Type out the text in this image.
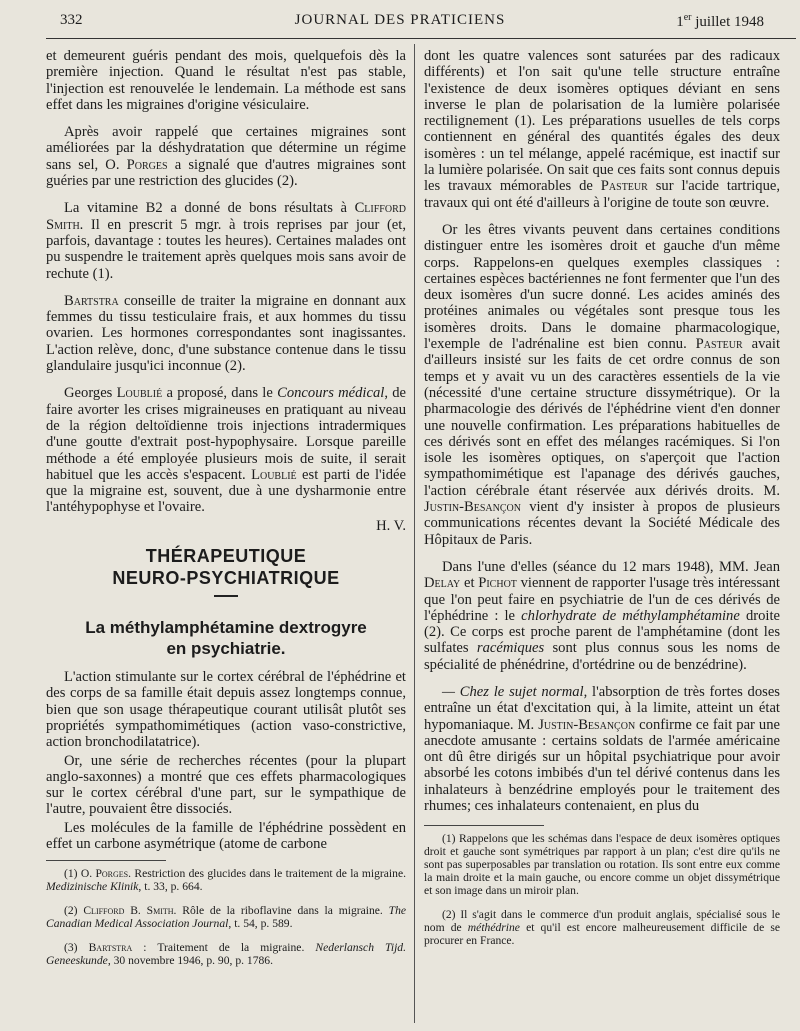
332	JOURNAL DES PRATICIENS	1er juillet 1948

et demeurent guéris pendant des mois, quelquefois dès la première injection. Quand le résultat n'est pas stable, l'injection est renouvelée le lendemain. La méthode est sans effet dans les migraines d'origine vésiculaire.

Après avoir rappelé que certaines migraines sont améliorées par la déshydratation que détermine un régime sans sel, O. Porges a signalé que d'autres migraines sont guéries par une restriction des glucides (2).

La vitamine B2 a donné de bons résultats à Clifford Smith. Il en prescrit 5 mgr. à trois reprises par jour (et, parfois, davantage : toutes les heures). Certaines malades ont pu suspendre le traitement après quelques mois sans avoir de rechute (1).

Bartstra conseille de traiter la migraine en donnant aux femmes du tissu testiculaire frais, et aux hommes du tissu ovarien. Les hormones correspondantes sont inagissantes. L'action relève, donc, d'une substance contenue dans le tissu glandulaire jusqu'ici inconnue (2).

Georges Loublié a proposé, dans le Concours médical, de faire avorter les crises migraineuses en pratiquant au niveau de la région deltoïdienne trois injections intradermiques d'une goutte d'extrait post-hypophysaire. Lorsque pareille méthode a été employée plusieurs mois de suite, il serait habituel que les accès s'espacent. Loublié est parti de l'idée que la migraine est, souvent, due à une dysharmonie entre l'antéhypophyse et l'ovaire.

H. V.

THÉRAPEUTIQUE
NEURO-PSYCHIATRIQUE
La méthylamphétamine dextrogyre
en psychiatrie.

L'action stimulante sur le cortex cérébral de l'éphédrine et des corps de sa famille était depuis assez longtemps connue, bien que son usage thérapeutique courant utilisât plutôt ses propriétés sympathomimétiques (action vaso-constrictive, action bronchodilatatrice).

Or, une série de recherches récentes (pour la plupart anglo-saxonnes) a montré que ces effets pharmacologiques sur le cortex cérébral d'une part, sur le sympathique de l'autre, pouvaient être dissociés.

Les molécules de la famille de l'éphédrine possèdent en effet un carbone asymétrique (atome de carbone

(1) O. Porges. Restriction des glucides dans le traitement de la migraine. Medizinische Klinik, t. 33, p. 664.

(2) Clifford B. Smith. Rôle de la riboflavine dans la migraine. The Canadian Medical Association Journal, t. 54, p. 589.

(3) Bartstra : Traitement de la migraine. Nederlansch Tijd. Geneeskunde, 30 novembre 1946, p. 90, p. 1786.

dont les quatre valences sont saturées par des radicaux différents) et l'on sait qu'une telle structure entraîne l'existence de deux isomères optiques déviant en sens inverse le plan de polarisation de la lumière polarisée rectilignement (1). Les préparations usuelles de tels corps contiennent en général des quantités égales des deux isomères : un tel mélange, appelé racémique, est inactif sur la lumière polarisée. On sait que ces faits sont connus depuis les travaux mémorables de Pasteur sur l'acide tartrique, travaux qui ont été d'ailleurs à l'origine de toute son œuvre.

Or les êtres vivants peuvent dans certaines conditions distinguer entre les isomères droit et gauche d'un même corps. Rappelons-en quelques exemples classiques : certaines espèces bactériennes ne font fermenter que l'un des deux isomères d'un sucre donné. Les acides aminés des protéines animales ou végétales sont presque tous les isomères droits. Dans le domaine pharmacologique, l'exemple de l'adrénaline est bien connu. Pasteur avait d'ailleurs insisté sur les faits de cet ordre connus de son temps et y avait vu un des caractères essentiels de la vie (nécessité d'une certaine structure dissymétrique). Or la pharmacologie des dérivés de l'éphédrine vient d'en donner une nouvelle confirmation. Les préparations habituelles de ces dérivés sont en effet des mélanges racémiques. Si l'on isole les isomères optiques, on s'aperçoit que l'action sympathomimétique est l'apanage des dérivés gauches, l'action cérébrale étant réservée aux dérivés droits. M. Justin-Besançon vient d'y insister à propos de plusieurs communications récentes devant la Société Médicale des Hôpitaux de Paris.

Dans l'une d'elles (séance du 12 mars 1948), MM. Jean Delay et Pichot viennent de rapporter l'usage très intéressant que l'on peut faire en psychiatrie de l'un de ces dérivés de l'éphédrine : le chlorhydrate de méthylamphétamine droite (2). Ce corps est proche parent de l'amphétamine (dont les sulfates racémiques sont plus connus sous les noms de spécialité de phénédrine, d'ortédrine ou de benzédrine).

— Chez le sujet normal, l'absorption de très fortes doses entraîne un état d'excitation qui, à la limite, atteint un état hypomaniaque. M. Justin-Besançon confirme ce fait par une anecdote amusante : certains soldats de l'armée américaine ont dû être dirigés sur un hôpital psychiatrique pour avoir absorbé les cotons imbibés d'un tel dérivé contenus dans les inhalateurs à benzédrine employés pour le traitement des rhumes; ces inhalateurs contenaient, en plus du

(1) Rappelons que les schémas dans l'espace de deux isomères optiques droit et gauche sont symétriques par rapport à un plan; c'est dire qu'ils ne sont pas superposables par translation ou rotation. Ils sont entre eux comme la main droite et la main gauche, ou encore comme un objet dissymétrique et son image dans un miroir plan.

(2) Il s'agit dans le commerce d'un produit anglais, spécialisé sous le nom de méthédrine et qu'il est encore malheureusement difficile de se procurer en France.
